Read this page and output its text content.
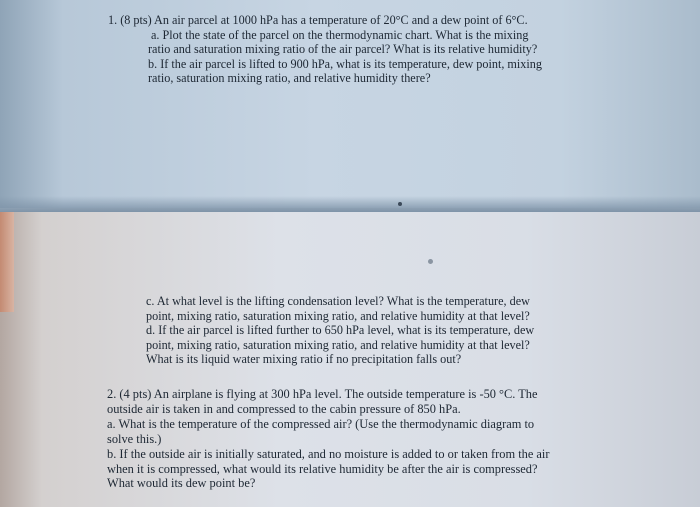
1. (8 pts) An air parcel at 1000 hPa has a temperature of 20°C and a dew point of 6°C.
a. Plot the state of the parcel on the thermodynamic chart. What is the mixing
ratio and saturation mixing ratio of the air parcel? What is its relative humidity?
b. If the air parcel is lifted to 900 hPa, what is its temperature, dew point, mixing
ratio, saturation mixing ratio, and relative humidity there?
c. At what level is the lifting condensation level? What is the temperature, dew
point, mixing ratio, saturation mixing ratio, and relative humidity at that level?
d. If the air parcel is lifted further to 650 hPa level, what is its temperature, dew
point, mixing ratio, saturation mixing ratio, and relative humidity at that level?
What is its liquid water mixing ratio if no precipitation falls out?
2. (4 pts) An airplane is flying at 300 hPa level. The outside temperature is -50 °C. The
outside air is taken in and compressed to the cabin pressure of 850 hPa.
a. What is the temperature of the compressed air? (Use the thermodynamic diagram to
solve this.)
b. If the outside air is initially saturated, and no moisture is added to or taken from the air
when it is compressed, what would its relative humidity be after the air is compressed?
What would its dew point be?
